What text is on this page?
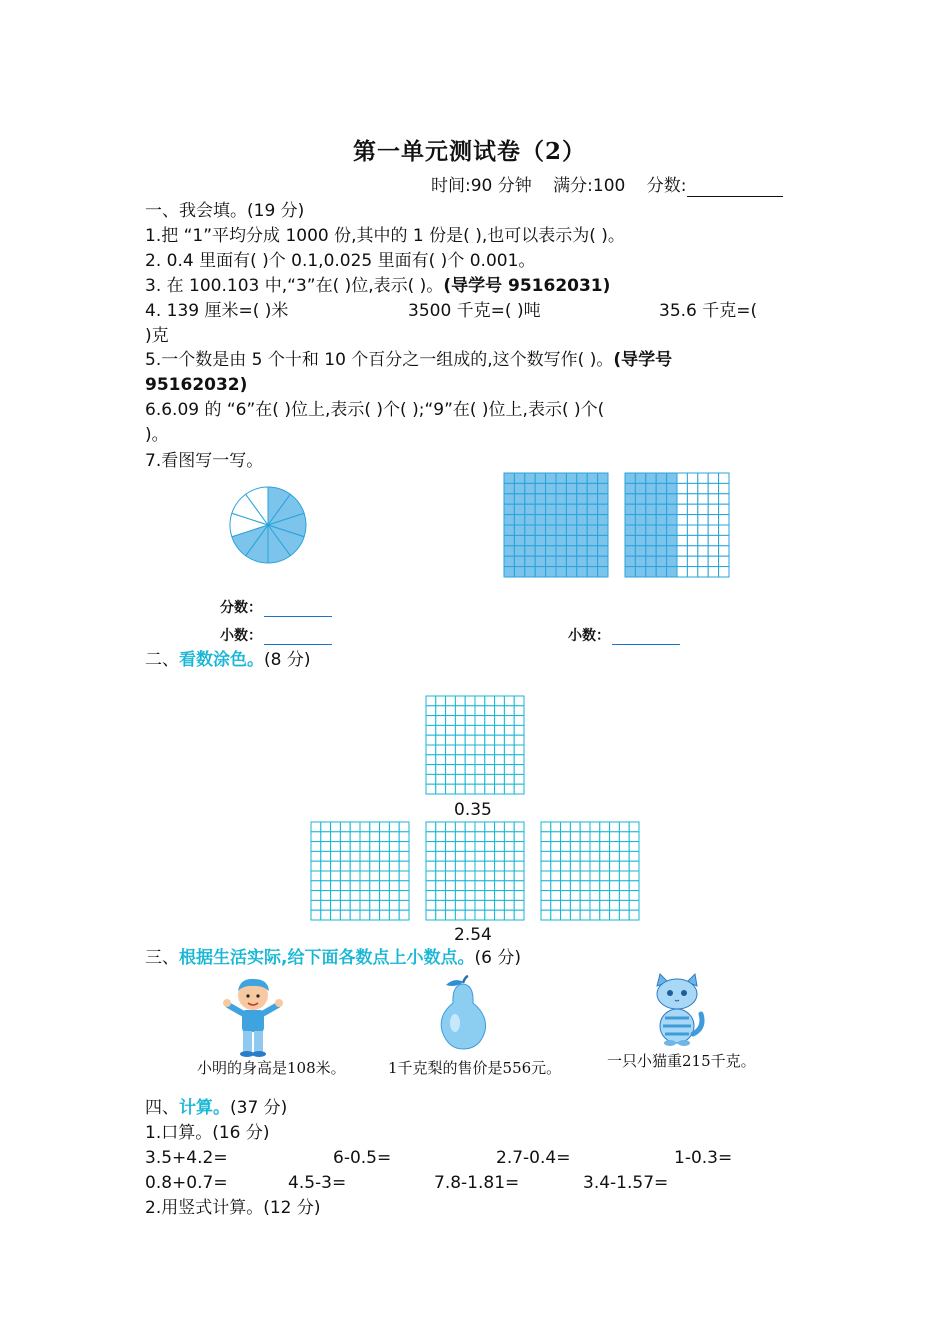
第一单元测试卷（2）
时间:90 分钟 满分:100 分数:
一、我会填。(19 分)
1.把 “1”平均分成 1000 份,其中的 1 份是( ),也可以表示为( )。
2. 0.4 里面有( )个 0.1,0.025 里面有( )个 0.001。
3. 在 100.103 中,“3”在( )位,表示( )。(导学号 95162031)
4. 139 厘米=( )米	3500 千克=( )吨	35.6 千克=(
)克
5.一个数是由 5 个十和 10 个百分之一组成的,这个数写作( )。(导学号
95162032)
6.6.09 的 “6”在( )位上,表示( )个( );“9”在( )位上,表示( )个(
)。
7.看图写一写。
分数：
小数：	小数：
二、看数涂色。(8 分)
0.35
2.54
三、根据生活实际,给下面各数点上小数点。(6 分)
小明的身高是108米。	1千克梨的售价是556元。	一只小猫重215千克。
四、计算。(37 分)
1.口算。(16 分)
3.5+4.2=	6-0.5=	2.7-0.4=	1-0.3=
0.8+0.7=	4.5-3=	7.8-1.81=	3.4-1.57=
2.用竖式计算。(12 分)
